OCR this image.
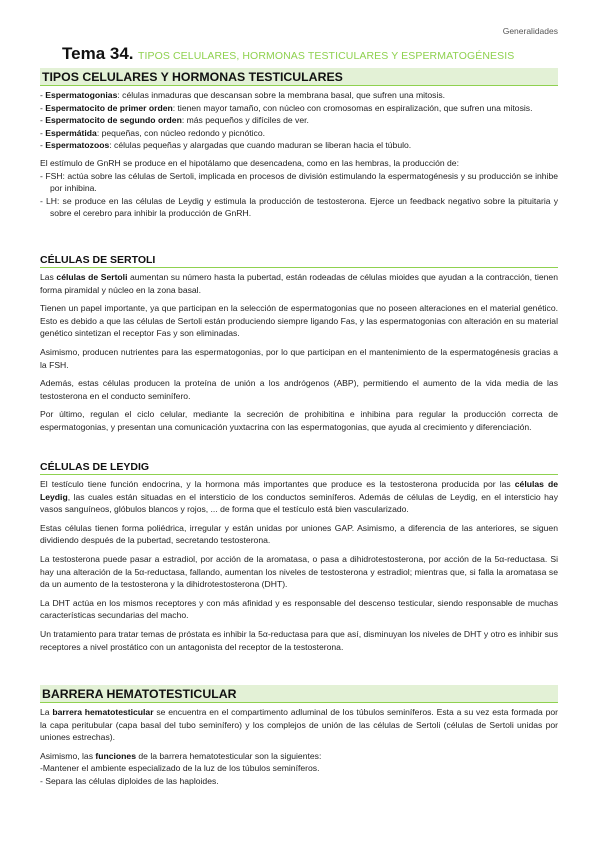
Generalidades
Tema 34. TIPOS CELULARES, HORMONAS TESTICULARES Y ESPERMATOGÉNESIS
TIPOS CELULARES Y HORMONAS TESTICULARES

- Espermatogonias: células inmaduras que descansan sobre la membrana basal, que sufren una mitosis.

- Espermatocito de primer orden: tienen mayor tamaño, con núcleo con cromosomas en espiralización, que sufren una mitosis.

- Espermatocito de segundo orden: más pequeños y difíciles de ver.

- Espermátida: pequeñas, con núcleo redondo y picnótico.

- Espermatozoos: células pequeñas y alargadas que cuando maduran se liberan hacia el túbulo.

El estímulo de GnRH se produce en el hipotálamo que desencadena, como en las hembras, la producción de:

- FSH: actúa sobre las células de Sertoli, implicada en procesos de división estimulando la espermatogénesis y su producción se inhibe por inhibina.

- LH: se produce en las células de Leydig y estimula la producción de testosterona. Ejerce un feedback negativo sobre la pituitaria y sobre el cerebro para inhibir la producción de GnRH.

CÉLULAS DE SERTOLI

Las células de Sertoli aumentan su número hasta la pubertad, están rodeadas de células mioides que ayudan a la contracción, tienen forma piramidal y núcleo en la zona basal.

Tienen un papel importante, ya que participan en la selección de espermatogonias que no poseen alteraciones en el material genético. Esto es debido a que las células de Sertoli están produciendo siempre ligando Fas, y las espermatogonias con alteración en su material genético sintetizan el receptor Fas y son eliminadas.

Asimismo, producen nutrientes para las espermatogonias, por lo que participan en el mantenimiento de la espermatogénesis gracias a la FSH.

Además, estas células producen la proteína de unión a los andrógenos (ABP), permitiendo el aumento de la vida media de las testosterona en el conducto seminífero.

Por último, regulan el ciclo celular, mediante la secreción de prohibitina e inhibina para regular la producción correcta de espermatogonias, y presentan una comunicación yuxtacrina con las espermatogonias, que ayuda al crecimiento y diferenciación.

CÉLULAS DE LEYDIG

El testículo tiene función endocrina, y la hormona más importantes que produce es la testosterona producida por las células de Leydig, las cuales están situadas en el intersticio de los conductos seminíferos. Además de células de Leydig, en el intersticio hay vasos sanguíneos, glóbulos blancos y rojos, ... de forma que el testículo está bien vascularizado.

Estas células tienen forma poliédrica, irregular y están unidas por uniones GAP. Asimismo, a diferencia de las anteriores, se siguen dividiendo después de la pubertad, secretando testosterona.

La testosterona puede pasar a estradiol, por acción de la aromatasa, o pasa a dihidrotestosterona, por acción de la 5α-reductasa. Si hay una alteración de la 5α-reductasa, fallando, aumentan los niveles de testosterona y estradiol; mientras que, si falla la aromatasa se da un aumento de la testosterona y la dihidrotestosterona (DHT).

La DHT actúa en los mismos receptores y con más afinidad y es responsable del descenso testicular, siendo responsable de muchas características secundarias del macho.

Un tratamiento para tratar temas de próstata es inhibir la 5α-reductasa para que así, disminuyan los niveles de DHT y otro es inhibir sus receptores a nivel prostático con un antagonista del receptor de la testosterona.

BARRERA HEMATOTESTICULAR

La barrera hematotesticular se encuentra en el compartimento adluminal de los túbulos seminíferos. Esta a su vez esta formada por la capa peritubular (capa basal del tubo seminífero) y los complejos de unión de las células de Sertoli (células de Sertoli unidas por uniones estrechas).

Asimismo, las funciones de la barrera hematotesticular son la siguientes:

-Mantener el ambiente especializado de la luz de los túbulos seminíferos.

- Separa las células diploides de las haploides.
